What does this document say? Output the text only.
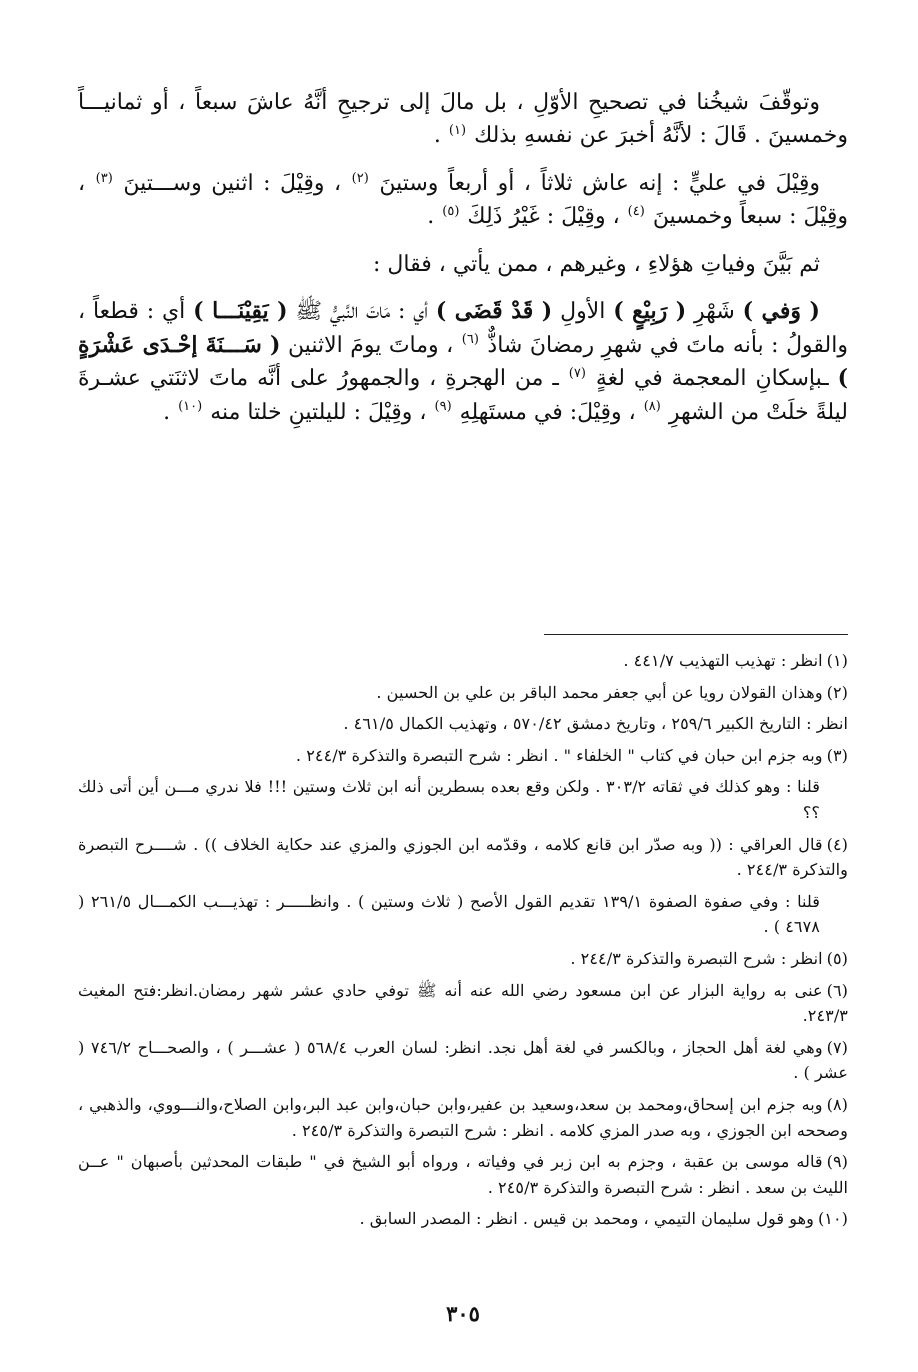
وتوقّفَ شيخُنا في تصحيحِ الأوّلِ ، بل مالَ إلى ترجيحِ أنَّهُ عاشَ سبعاً ، أو ثمانيـــاً وخمسينَ . قَالَ : لأنَّهُ أخبرَ عن نفسهِ بذلك $^{(١)}$ .

وقِيْلَ في عليٍّ : إنه عاش ثلاثاً ، أو أربعاً وستينَ $^{(٢)}$ ، وقِيْلَ : اثنين وســـتينَ $^{(٣)}$ ، وقِيْلَ : سبعاً وخمسينَ $^{(٤)}$ ، وقِيْلَ : غَيْرُ ذَلِكَ $^{(٥)}$ .

ثم بَيَّنَ وفياتِ هؤلاءِ ، وغيرهم ، ممن يأتي ، فقال :

( وَفي ) شَهْرِ ( رَبِيْعٍ ) الأولِ ( قَدْ قَضَى ) أي : مَاتَ النَّبيُّ ﷺ ( يَقِيْنَـــا ) أي : قطعاً ، والقولُ : بأنه ماتَ في شهرِ رمضانَ شاذٌّ $^{(٦)}$ ، وماتَ يومَ الاثنين ( سَـــنَةَ إحْـدَى عَشْرَةٍ ) ـبإسكانِ المعجمة في لغةٍ $^{(٧)}$ ـ من الهجرةِ ، والجمهورُ على أنَّه ماتَ لاثنَتي عشـرةَ ليلةً خلَتْ من الشهرِ $^{(٨)}$ ، وقِيْلَ: في مستَهلِهِ $^{(٩)}$ ، وقِيْلَ : لليلتينِ خلتا منه $^{(١٠)}$ .

(١)انظر : تهذيب التهذيب ٤٤١/٧ .
(٢)وهذان القولان رويا عن أبي جعفر محمد الباقر بن علي بن الحسين .
انظر : التاريخ الكبير ٢٥٩/٦ ، وتاريخ دمشق ٥٧٠/٤٢ ، وتهذيب الكمال ٤٦١/٥ .
(٣)وبه جزم ابن حبان في كتاب " الخلفاء " . انظر : شرح التبصرة والتذكرة ٢٤٤/٣ .
قلنا : وهو كذلك في ثقاته ٣٠٣/٢ . ولكن وقع بعده بسطرين أنه ابن ثلاث وستين !!! فلا ندري مـــن أين أتى ذلك ؟؟
(٤)قال العراقي : (( وبه صدّر ابن قانع كلامه ، وقدّمه ابن الجوزي والمزي عند حكاية الخلاف )) . شــــرح التبصرة والتذكرة ٢٤٤/٣ .
قلنا : وفي صفوة الصفوة ١٣٩/١ تقديم القول الأصح ( ثلاث وستين ) . وانظـــــر : تهذيـــب الكمـــال ٢٦١/٥ ( ٤٦٧٨ ) .
(٥)انظر : شرح التبصرة والتذكرة ٢٤٤/٣ .
(٦)عنى به رواية البزار عن ابن مسعود رضي الله عنه أنه ﷺ توفي حادي عشر شهر رمضان.انظر:فتح المغيث ٢٤٣/٣.
(٧)وهي لغة أهل الحجاز ، وبالكسر في لغة أهل نجد. انظر: لسان العرب ٥٦٨/٤ ( عشـــر ) ، والصحـــاح ٧٤٦/٢ ( عشر ) .
(٨)وبه جزم ابن إسحاق،ومحمد بن سعد،وسعيد بن عفير،وابن حبان،وابن عبد البر،وابن الصلاح،والنـــووي، والذهبي ، وصححه ابن الجوزي ، وبه صدر المزي كلامه . انظر : شرح التبصرة والتذكرة ٢٤٥/٣ .
(٩)قاله موسى بن عقبة ، وجزم به ابن زبر في وفياته ، ورواه أبو الشيخ في " طبقات المحدثين بأصبهان " عــن الليث بن سعد . انظر : شرح التبصرة والتذكرة ٢٤٥/٣ .
(١٠)وهو قول سليمان التيمي ، ومحمد بن قيس . انظر : المصدر السابق .
٣٠٥
